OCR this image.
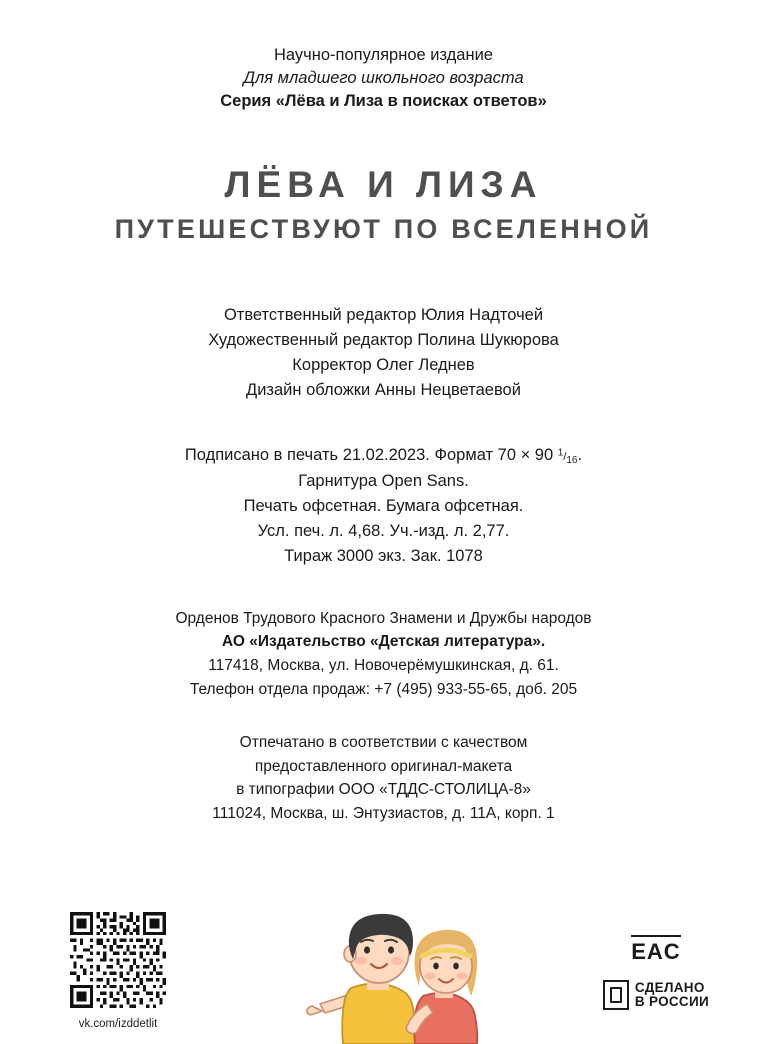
Научно-популярное издание
Для младшего школьного возраста
Серия «Лёва и Лиза в поисках ответов»
ЛЁВА И ЛИЗА
ПУТЕШЕСТВУЮТ ПО ВСЕЛЕННОЙ
Ответственный редактор Юлия Надточей
Художественный редактор Полина Шукюрова
Корректор Олег Леднев
Дизайн обложки Анны Нецветаевой
Подписано в печать 21.02.2023. Формат 70 × 90 $^1/_{16}$.
Гарнитура Open Sans.
Печать офсетная. Бумага офсетная.
Усл. печ. л. 4,68. Уч.-изд. л. 2,77.
Тираж 3000 экз. Зак. 1078
Орденов Трудового Красного Знамени и Дружбы народов
АО «Издательство «Детская литература».
117418, Москва, ул. Новочерёмушкинская, д. 61.
Телефон отдела продаж: +7 (495) 933-55-65, доб. 205
Отпечатано в соответствии с качеством
предоставленного оригинал-макета
в типографии ООО «ТДДС-СТОЛИЦА-8»
111024, Москва, ш. Энтузиастов, д. 11А, корп. 1
vk.com/izddetlit
EAC
СДЕЛАНО
В РОССИИ
